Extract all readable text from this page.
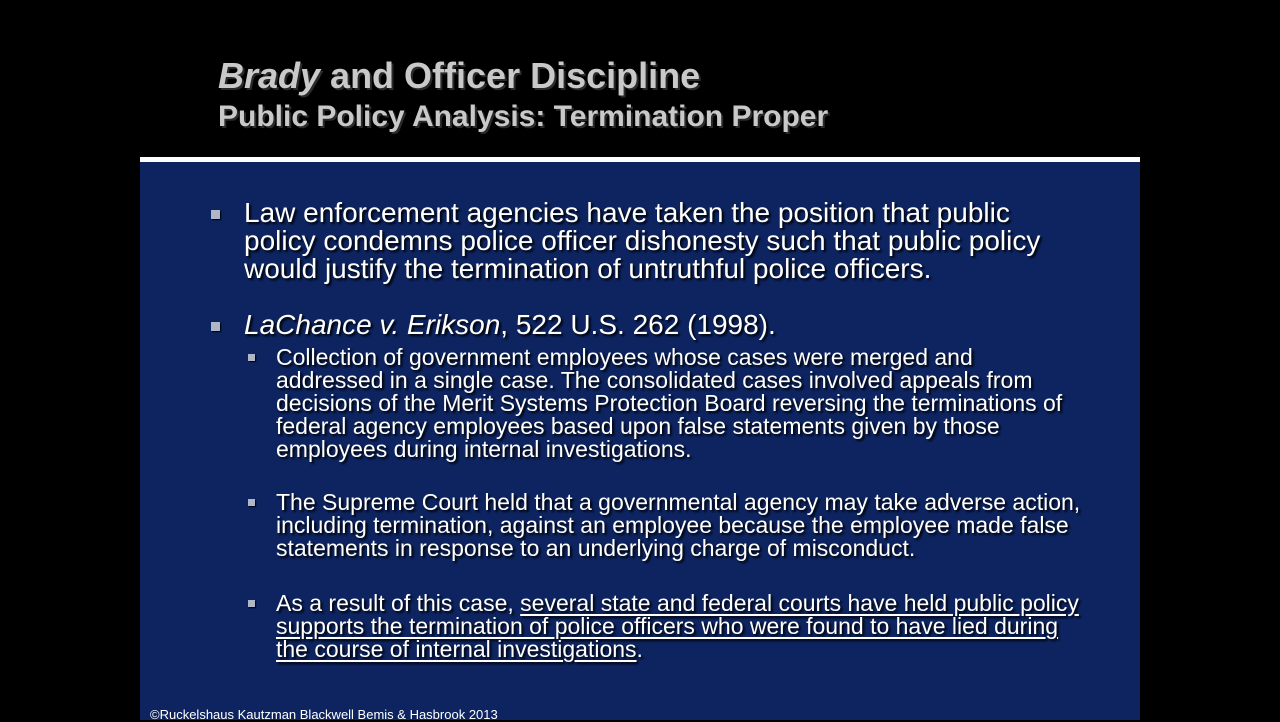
Brady and Officer Discipline
Public Policy Analysis: Termination Proper
Law enforcement agencies have taken the position that public policy condemns police officer dishonesty such that public policy would justify the termination of untruthful police officers.
LaChance v. Erikson, 522 U.S. 262 (1998).
Collection of government employees whose cases were merged and addressed in a single case. The consolidated cases involved appeals from decisions of the Merit Systems Protection Board reversing the terminations of federal agency employees based upon false statements given by those employees during internal investigations.
The Supreme Court held that a governmental agency may take adverse action, including termination, against an employee because the employee made false statements in response to an underlying charge of misconduct.
As a result of this case, several state and federal courts have held public policy supports the termination of police officers who were found to have lied during the course of internal investigations.
©Ruckelshaus Kautzman Blackwell Bemis & Hasbrook 2013
